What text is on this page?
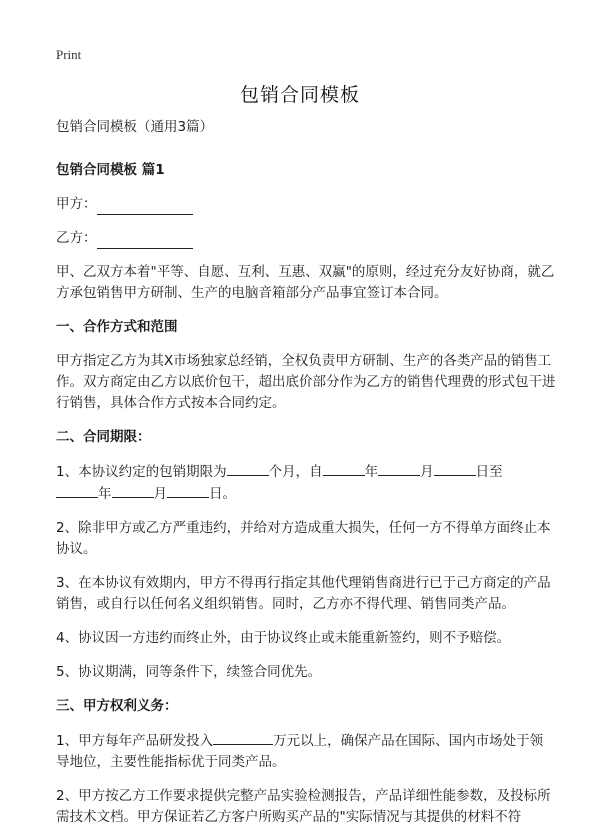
Print
包销合同模板

包销合同模板（通用3篇）

包销合同模板 篇1

甲方：

乙方：

甲、乙双方本着"平等、自愿、互利、互惠、双赢"的原则，经过充分友好协商，就乙方承包销售甲方研制、生产的电脑音箱部分产品事宜签订本合同。

一、合作方式和范围

甲方指定乙方为其X市场独家总经销，全权负责甲方研制、生产的各类产品的销售工作。双方商定由乙方以底价包干，超出底价部分作为乙方的销售代理费的形式包干进行销售，具体合作方式按本合同约定。

二、合同期限：

1、本协议约定的包销期限为	个月，自	年	月	日至
年	月	日。

2、除非甲方或乙方严重违约，并给对方造成重大损失，任何一方不得单方面终止本协议。

3、在本协议有效期内，甲方不得再行指定其他代理销售商进行已于己方商定的产品销售，或自行以任何名义组织销售。同时，乙方亦不得代理、销售同类产品。

4、协议因一方违约而终止外，由于协议终止或未能重新签约，则不予赔偿。

5、协议期满，同等条件下，续签合同优先。

三、甲方权利义务：

1、甲方每年产品研发投入	万元以上，确保产品在国际、国内市场处于领导地位，主要性能指标优于同类产品。

2、甲方按乙方工作要求提供完整产品实验检测报告，产品详细性能参数，及投标所需技术文档。甲方保证若乙方客户所购买产品的"实际情况与其提供的材料不符
